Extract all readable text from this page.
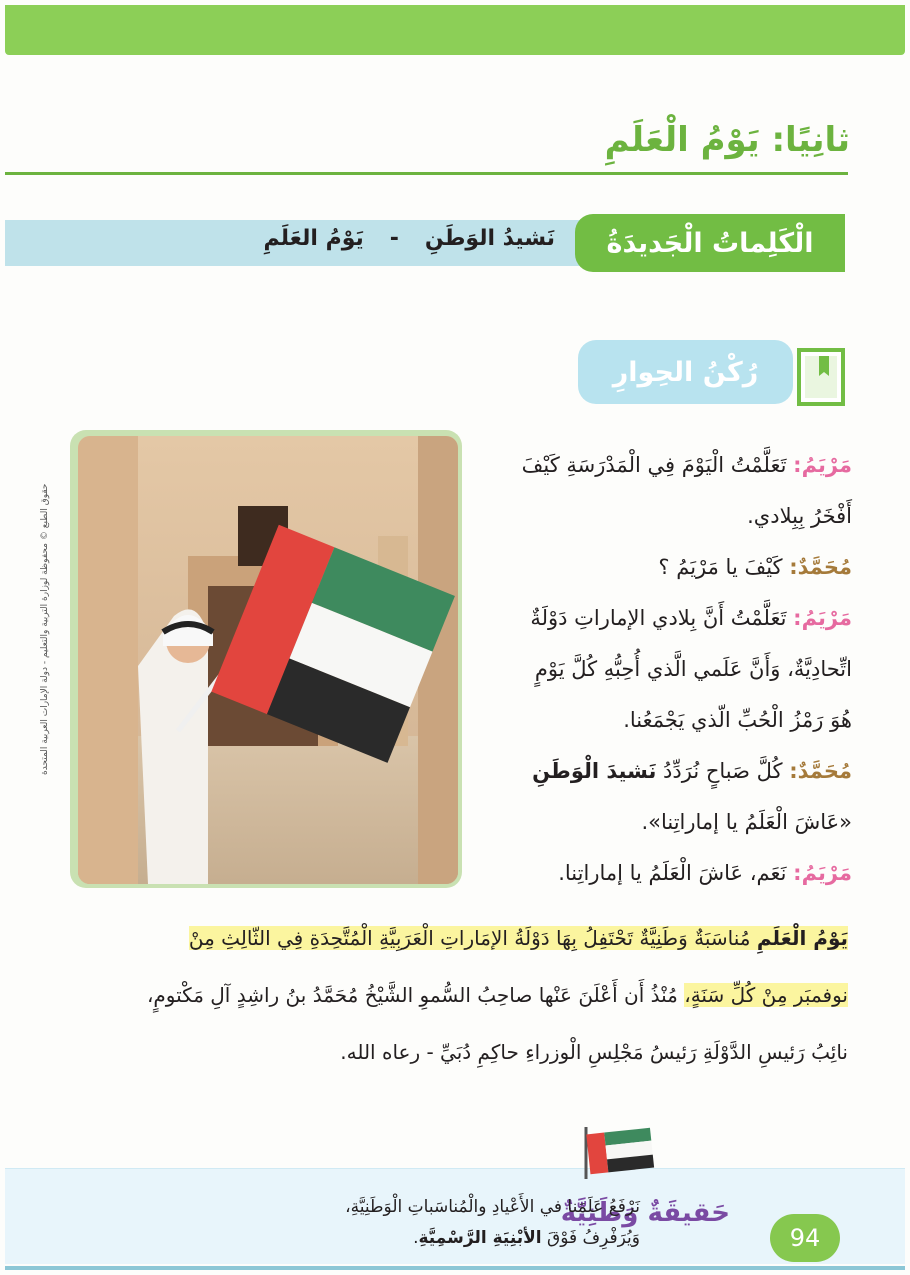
ثانِيًا: يَوْمُ الْعَلَمِ
الْكَلِماتُ الْجَديدَةُ
نَشيدُ الوَطَنِ
-
يَوْمُ العَلَمِ
رُكْنُ الحِوارِ
حقوق الطبع © محفوظة لوزارة التربية والتعليم - دولة الإمارات العربية المتحدة
مَرْيَمُ: تَعَلَّمْتُ الْيَوْمَ فِي الْمَدْرَسَةِ كَيْفَ
أَفْخَرُ بِبِلادي.
مُحَمَّدٌ: كَيْفَ يا مَرْيَمُ ؟
مَرْيَمُ: تَعَلَّمْتُ أَنَّ بِلادي الإماراتِ دَوْلَةٌ
اتِّحادِيَّةٌ، وَأَنَّ عَلَمي الَّذي أُحِبُّهِ كُلَّ يَوْمٍ
هُوَ رَمْزُ الْحُبِّ الّذي يَجْمَعُنا.
مُحَمَّدٌ: كُلَّ صَباحٍ نُرَدِّدُ نَشيدَ الْوَطَنِ
«عَاشَ الْعَلَمُ يا إماراتِنا».
مَرْيَمُ: نَعَم، عَاشَ الْعَلَمُ يا إماراتِنا.
يَوْمُ الْعَلَمِ مُناسَبَةٌ وَطَنِيَّةٌ تَحْتَفِلُ بِهَا دَوْلَةُ الإمَاراتِ الْعَرَبِيَّةِ الْمُتَّحِدَةِ فِي الثّالِثِ مِنْ
نوفمبَر مِنْ كُلِّ سَنَةٍ، مُنْذُ أَن أَعْلَنَ عَنْها صاحِبُ السُّموِ الشَّيْخُ مُحَمَّدُ بنُ راشِدٍ آلِ مَكْتومٍ،
نائِبُ رَئيسِ الدَّوْلَةِ رَئيسُ مَجْلِسِ الْوزراءِ حاكِمِ دُبَيِّ - رعاه الله.
حَقيقَةٌ وَطَنِيَّةٌ
نَرْفَعُ عَلَمَنا في الأَعْيادِ والْمُناسَباتِ الْوَطَنِيَّةِ، وَيُرَفْرِفُ فَوْقَ الأبْنِيَةِ الرَّسْمِيَّةِ.	94
